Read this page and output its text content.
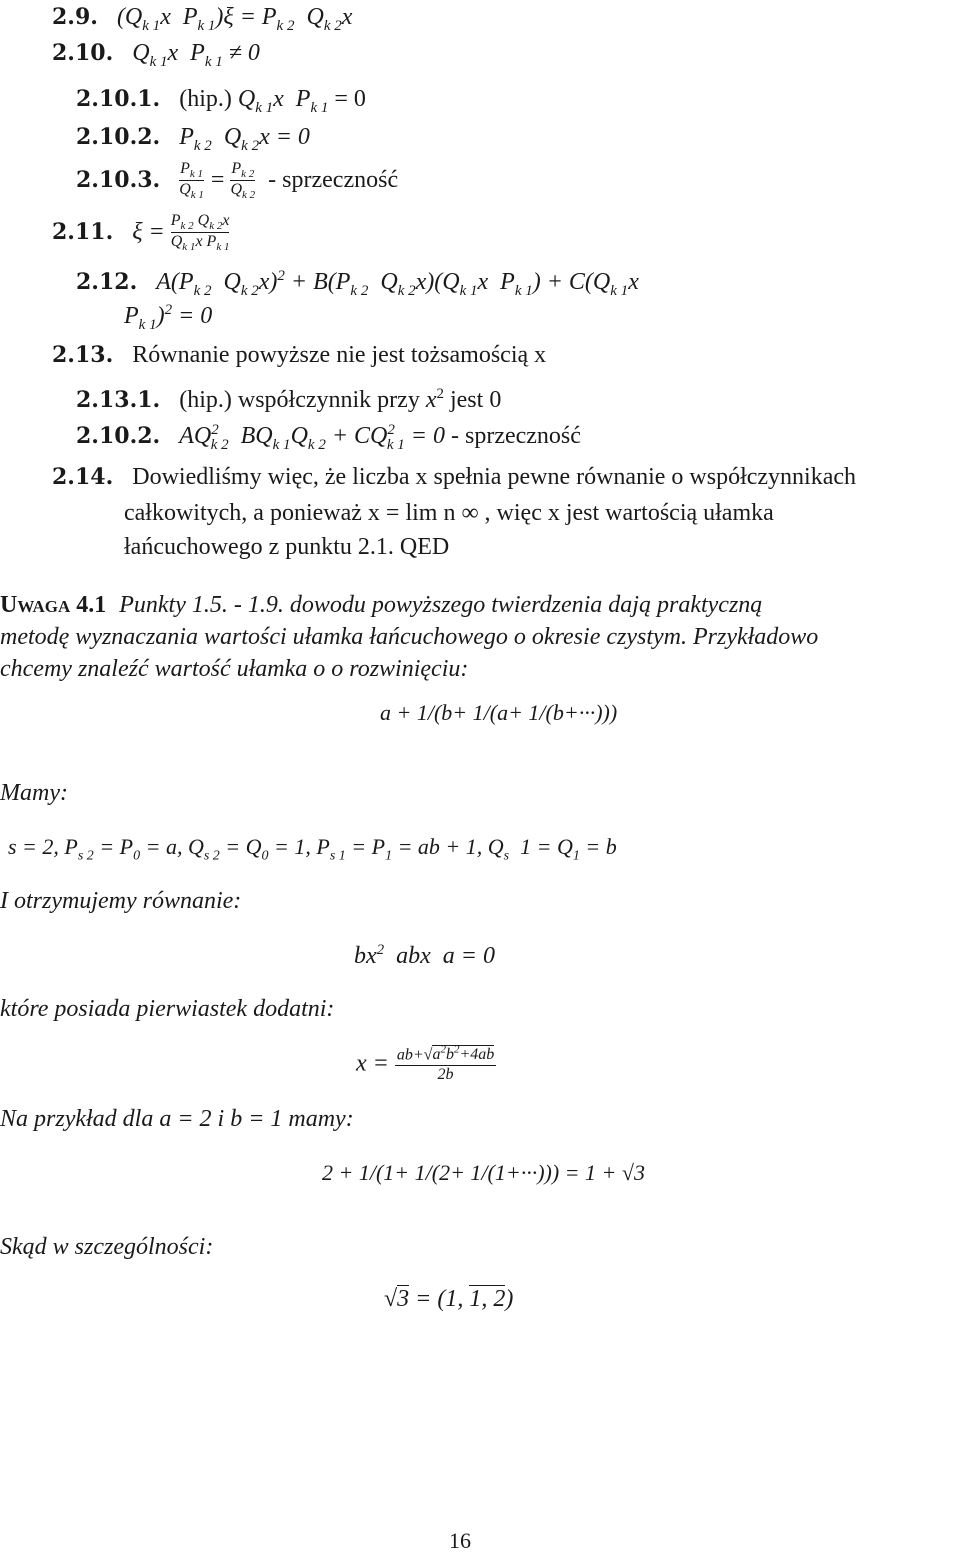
2.9. ($Q_{k 1}x$  $P_{k 1})\xi = P_{k 2}$  $Q_{k 2}x$
2.10. $Q_{k 1}x$  $P_{k 1} \ne 0$
2.10.1. (hip.) $Q_{k 1}x$  $P_{k 1} = 0$
2.10.2. $P_{k 2}$  $Q_{k 2}x = 0$
2.10.3. $\frac{P_{k 1}}{Q_{k 1}} = \frac{P_{k 2}}{Q_{k 2}}$ - sprzeczność
2.11. $\xi = \frac{P_{k 2} Q_{k 2}x}{Q_{k 1}x P_{k 1}}$
2.12. $A(P_{k 2}$  $Q_{k 2}x)^2 + B(P_{k 2}$  $Q_{k 2}x)(Q_{k 1}x$  $P_{k 1}) + C(Q_{k 1}x$
$P_{k 1})^2 = 0$
2.13. Równanie powyższe nie jest tożsamością x
2.13.1. (hip.) współczynnik przy $x^2$ jest 0
2.10.2. $AQ^2_{k 2}$  $BQ_{k 1}Q_{k 2} + CQ^2_{k 1} = 0$ - sprzeczność
2.14. Dowiedliśmy więc, że liczba x spełnia pewne równanie o współczynnikach
całkowitych, a ponieważ x = lim n ∞ , więc x jest wartością ułamka
łańcuchowego z punktu 2.1. QED
Uwaga 4.1 Punkty 1.5. - 1.9. dowodu powyższego twierdzenia dają praktyczną
metodę wyznaczania wartości ułamka łańcuchowego o okresie czystym. Przykładowo
chcemy znaleźć wartość ułamka o o rozwinięciu:
a + 1/(b+ 1/(a+ 1/(b+···)))
Mamy:
s = 2, $P_{s 2} = P_0 = a$, $Q_{s 2} = Q_0 = 1$, $P_{s 1} = P_1$ = ab + 1, $Q_s$  $1 = Q_1 = b$
I otrzymujemy równanie:
$bx^2$  abx  a = 0
które posiada pierwiastek dodatni:
$x = \frac{ab+√a^2b^2+4ab}{2b}$
Na przykład dla a = 2 i b = 1 mamy:
2 + 1/(1+ 1/(2+ 1/(1+···))) = 1 + √3
Skąd w szczególności:
√3 = (1, 1, 2)
16
